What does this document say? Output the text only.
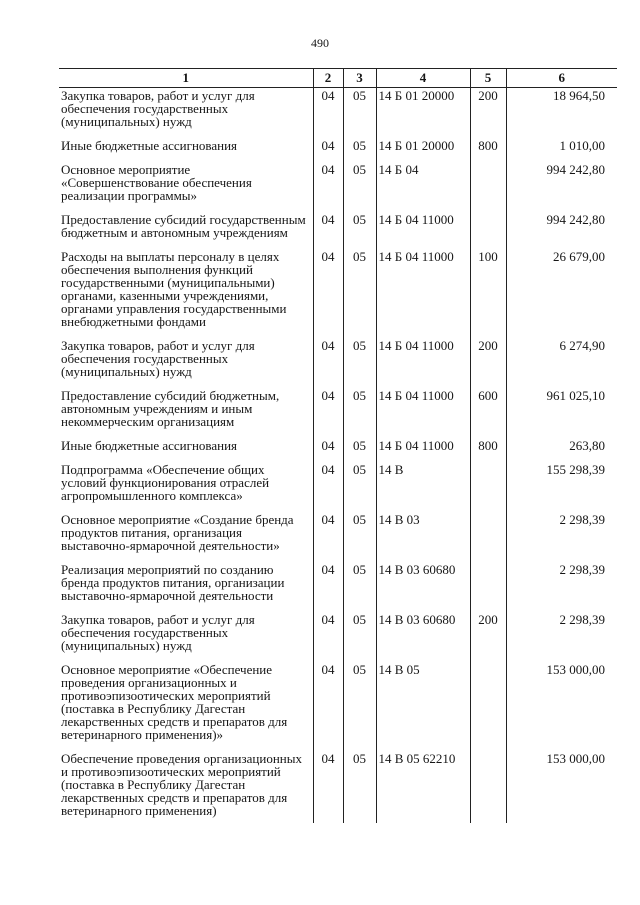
490
1	2	3	4	5	6
Закупка товаров, работ и услуг для обеспечения государственных (муниципальных) нужд	04	05	14 Б 01 20000	200	18 964,50
Иные бюджетные ассигнования	04	05	14 Б 01 20000	800	1 010,00
Основное мероприятие «Совершенствование обеспечения реализации программы»	04	05	14 Б 04		994 242,80
Предоставление субсидий государственным бюджетным и автономным учреждениям	04	05	14 Б 04 11000		994 242,80
Расходы на выплаты персоналу в целях обеспечения выполнения функций государственными (муниципальными) органами, казенными учреждениями, органами управления государственными внебюджетными фондами	04	05	14 Б 04 11000	100	26 679,00
Закупка товаров, работ и услуг для обеспечения государственных (муниципальных) нужд	04	05	14 Б 04 11000	200	6 274,90
Предоставление субсидий бюджетным, автономным учреждениям и иным некоммерческим организациям	04	05	14 Б 04 11000	600	961 025,10
Иные бюджетные ассигнования	04	05	14 Б 04 11000	800	263,80
Подпрограмма «Обеспечение общих условий функционирования отраслей агропромышленного комплекса»	04	05	14 В		155 298,39
Основное мероприятие «Создание бренда продуктов питания, организация выставочно-ярмарочной деятельности»	04	05	14 В 03		2 298,39
Реализация мероприятий по созданию бренда продуктов питания, организации выставочно-ярмарочной деятельности	04	05	14 В 03 60680		2 298,39
Закупка товаров, работ и услуг для обеспечения государственных (муниципальных) нужд	04	05	14 В 03 60680	200	2 298,39
Основное мероприятие «Обеспечение проведения организационных и противоэпизоотических мероприятий (поставка в Республику Дагестан лекарственных средств и препаратов для ветеринарного применения)»	04	05	14 В 05		153 000,00
Обеспечение проведения организационных и противоэпизоотических мероприятий (поставка в Республику Дагестан лекарственных средств и препаратов для ветеринарного применения)	04	05	14 В 05 62210		153 000,00
